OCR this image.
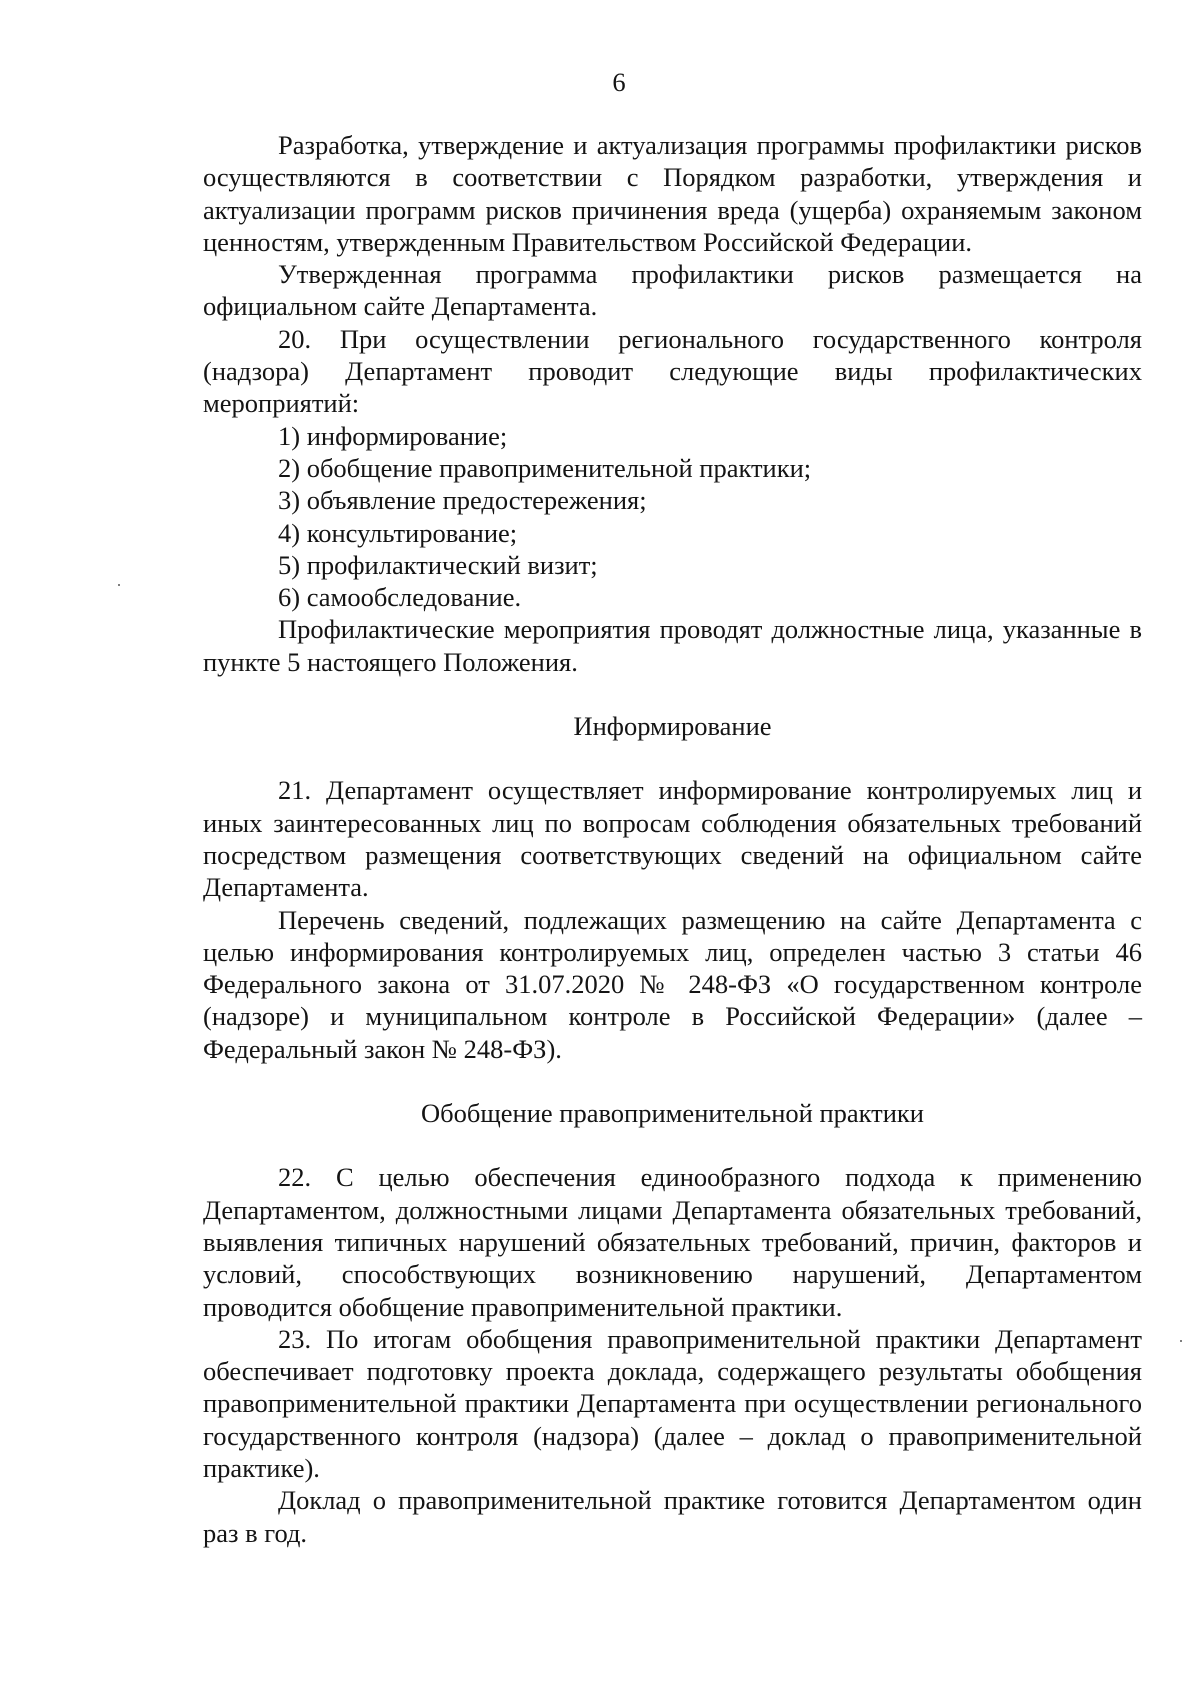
6

Разработка, утверждение и актуализация программы профилактики рисков осуществляются в соответствии с Порядком разработки, утверждения и актуализации программ рисков причинения вреда (ущерба) охраняемым законом ценностям, утвержденным Правительством Российской Федерации.

Утвержденная программа профилактики рисков размещается на официальном сайте Департамента.

20. При осуществлении регионального государственного контроля (надзора) Департамент проводит следующие виды профилактических мероприятий:

1) информирование;

2) обобщение правоприменительной практики;

3) объявление предостережения;

4) консультирование;

5) профилактический визит;

6) самообследование.

Профилактические мероприятия проводят должностные лица, указанные в пункте 5 настоящего Положения.

Информирование

21. Департамент осуществляет информирование контролируемых лиц и иных заинтересованных лиц по вопросам соблюдения обязательных требований посредством размещения соответствующих сведений на официальном сайте Департамента.

Перечень сведений, подлежащих размещению на сайте Департамента с целью информирования контролируемых лиц, определен частью 3 статьи 46 Федерального закона от 31.07.2020 № 248-ФЗ «О государственном контроле (надзоре) и муниципальном контроле в Российской Федерации» (далее – Федеральный закон № 248-ФЗ).

Обобщение правоприменительной практики

22. С целью обеспечения единообразного подхода к применению Департаментом, должностными лицами Департамента обязательных требований, выявления типичных нарушений обязательных требований, причин, факторов и условий, способствующих возникновению нарушений, Департаментом проводится обобщение правоприменительной практики.

23. По итогам обобщения правоприменительной практики Департамент обеспечивает подготовку проекта доклада, содержащего результаты обобщения правоприменительной практики Департамента при осуществлении регионального государственного контроля (надзора) (далее – доклад о правоприменительной практике).

Доклад о правоприменительной практике готовится Департаментом один раз в год.
